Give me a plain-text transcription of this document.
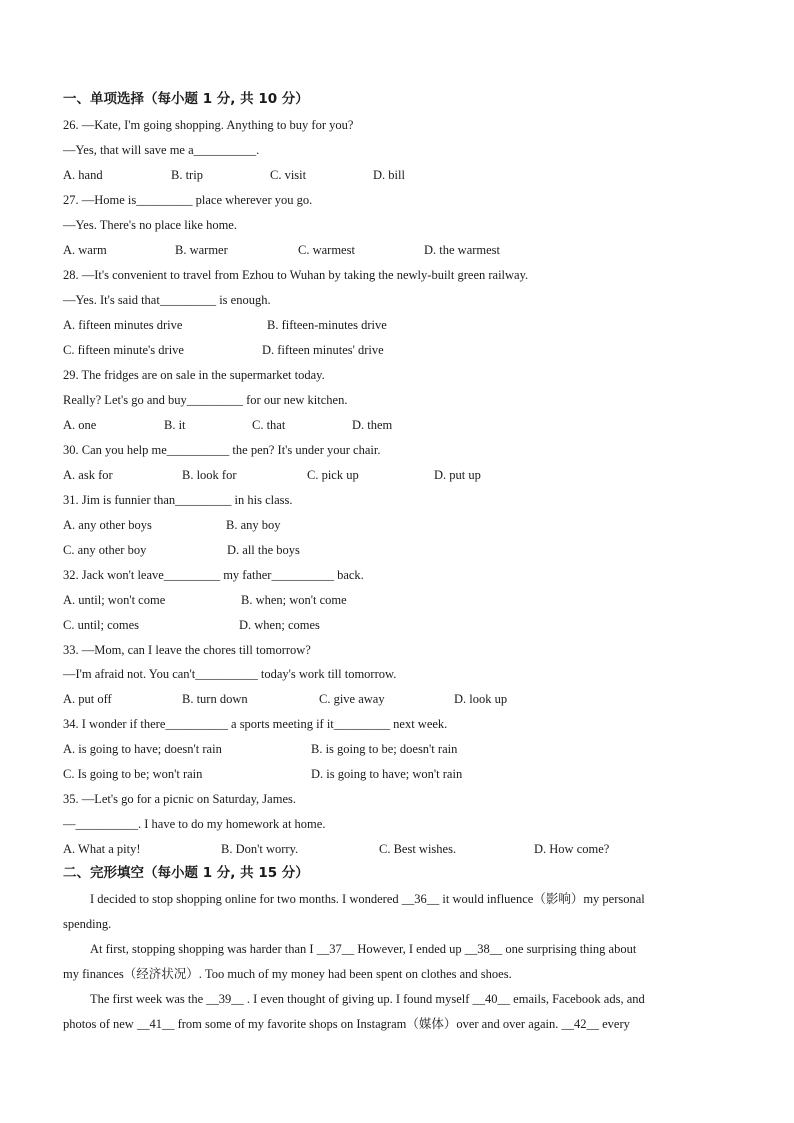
一、单项选择（每小题 1 分, 共 10 分）
26. —Kate, I'm going shopping. Anything to buy for you?
—Yes, that will save me a__________.
A. hand	B. trip	C. visit	D. bill
27. —Home is_________ place wherever you go.
—Yes. There's no place like home.
A. warm	B. warmer	C. warmest	D. the warmest
28. —It's convenient to travel from Ezhou to Wuhan by taking the newly-built green railway.
—Yes. It's said that_________ is enough.
A. fifteen minutes drive	B. fifteen-minutes drive
C. fifteen minute's drive	D. fifteen minutes' drive
29. The fridges are on sale in the supermarket today.
Really? Let's go and buy_________ for our new kitchen.
A. one	B. it	C. that	D. them
30. Can you help me__________ the pen? It's under your chair.
A. ask for	B. look for	C. pick up	D. put up
31. Jim is funnier than_________ in his class.
A. any other boys	B. any boy
C. any other boy	D. all the boys
32. Jack won't leave_________ my father__________ back.
A. until; won't come	B. when; won't come
C. until; comes	D. when; comes
33. —Mom, can I leave the chores till tomorrow?
—I'm afraid not. You can't__________ today's work till tomorrow.
A. put off	B. turn down	C. give away	D. look up
34. I wonder if there__________ a sports meeting if it_________ next week.
A. is going to have; doesn't rain	B. is going to be; doesn't rain
C. Is going to be; won't rain	D. is going to have; won't rain
35. —Let's go for a picnic on Saturday, James.
—__________. I have to do my homework at home.
A. What a pity!	B. Don't worry.	C. Best wishes.	D. How come?
二、完形填空（每小题 1 分, 共 15 分）
I decided to stop shopping online for two months. I wondered __36__ it would influence（影响）my personal
spending.
At first, stopping shopping was harder than I __37__ However, I ended up __38__ one surprising thing about
my finances（经济状况）. Too much of my money had been spent on clothes and shoes.
The first week was the __39__ . I even thought of giving up. I found myself __40__ emails, Facebook ads, and
photos of new __41__ from some of my favorite shops on Instagram（媒体）over and over again. __42__ every
